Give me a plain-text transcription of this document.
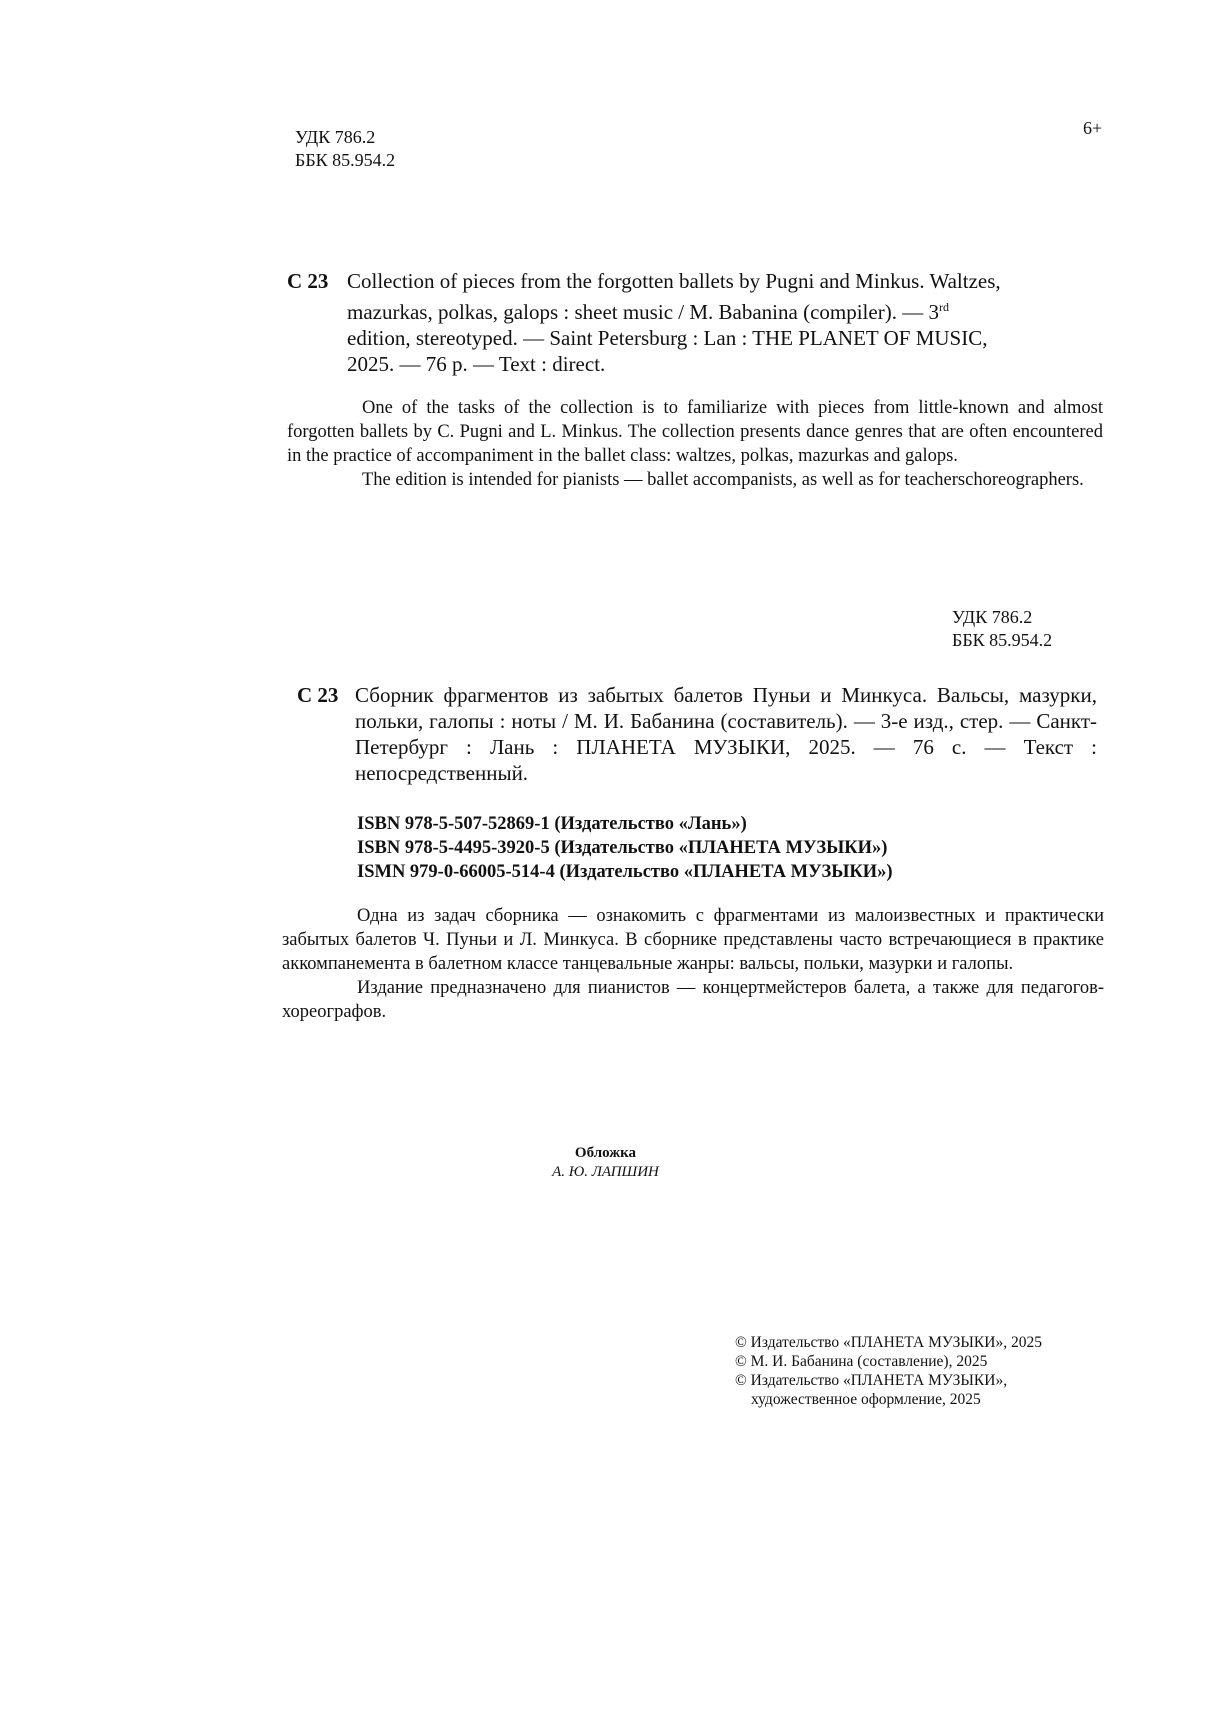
УДК 786.2
ББК 85.954.2
6+
С 23 Collection of pieces from the forgotten ballets by Pugni and Minkus. Waltzes,
mazurkas, polkas, galops : sheet music / M. Babanina (compiler). — 3rd
edition, stereotyped. — Saint Petersburg : Lan : THE PLANET OF MUSIC,
2025. — 76 p. — Text : direct.

One of the tasks of the collection is to familiarize with pieces from little-known and almost forgotten ballets by C. Pugni and L. Minkus. The collection presents dance genres that are often encountered in the practice of accompaniment in the ballet class: waltzes, polkas, mazurkas and galops.

The edition is intended for pianists — ballet accompanists, as well as for teacherschoreographers.

УДК 786.2
ББК 85.954.2
С 23 Сборник фрагментов из забытых балетов Пуньи и Минкуса. Вальсы, мазурки, польки, галопы : ноты / М. И. Бабанина (составитель). — 3-е изд., стер. — Санкт-Петербург : Лань : ПЛАНЕТА МУЗЫКИ, 2025. — 76 с. — Текст : непосредственный.
ISBN 978-5-507-52869-1 (Издательство «Лань»)
ISBN 978-5-4495-3920-5 (Издательство «ПЛАНЕТА МУЗЫКИ»)
ISMN 979-0-66005-514-4 (Издательство «ПЛАНЕТА МУЗЫКИ»)

Одна из задач сборника — ознакомить с фрагментами из малоизвестных и практически забытых балетов Ч. Пуньи и Л. Минкуса. В сборнике представлены часто встречающиеся в практике аккомпанемента в балетном классе танцевальные жанры: вальсы, польки, мазурки и галопы.

Издание предназначено для пианистов — концертмейстеров балета, а также для педагогов-хореографов.

Обложка
А. Ю. ЛАПШИН
© Издательство «ПЛАНЕТА МУЗЫКИ», 2025
© М. И. Бабанина (составление), 2025
© Издательство «ПЛАНЕТА МУЗЫКИ»,
художественное оформление, 2025
